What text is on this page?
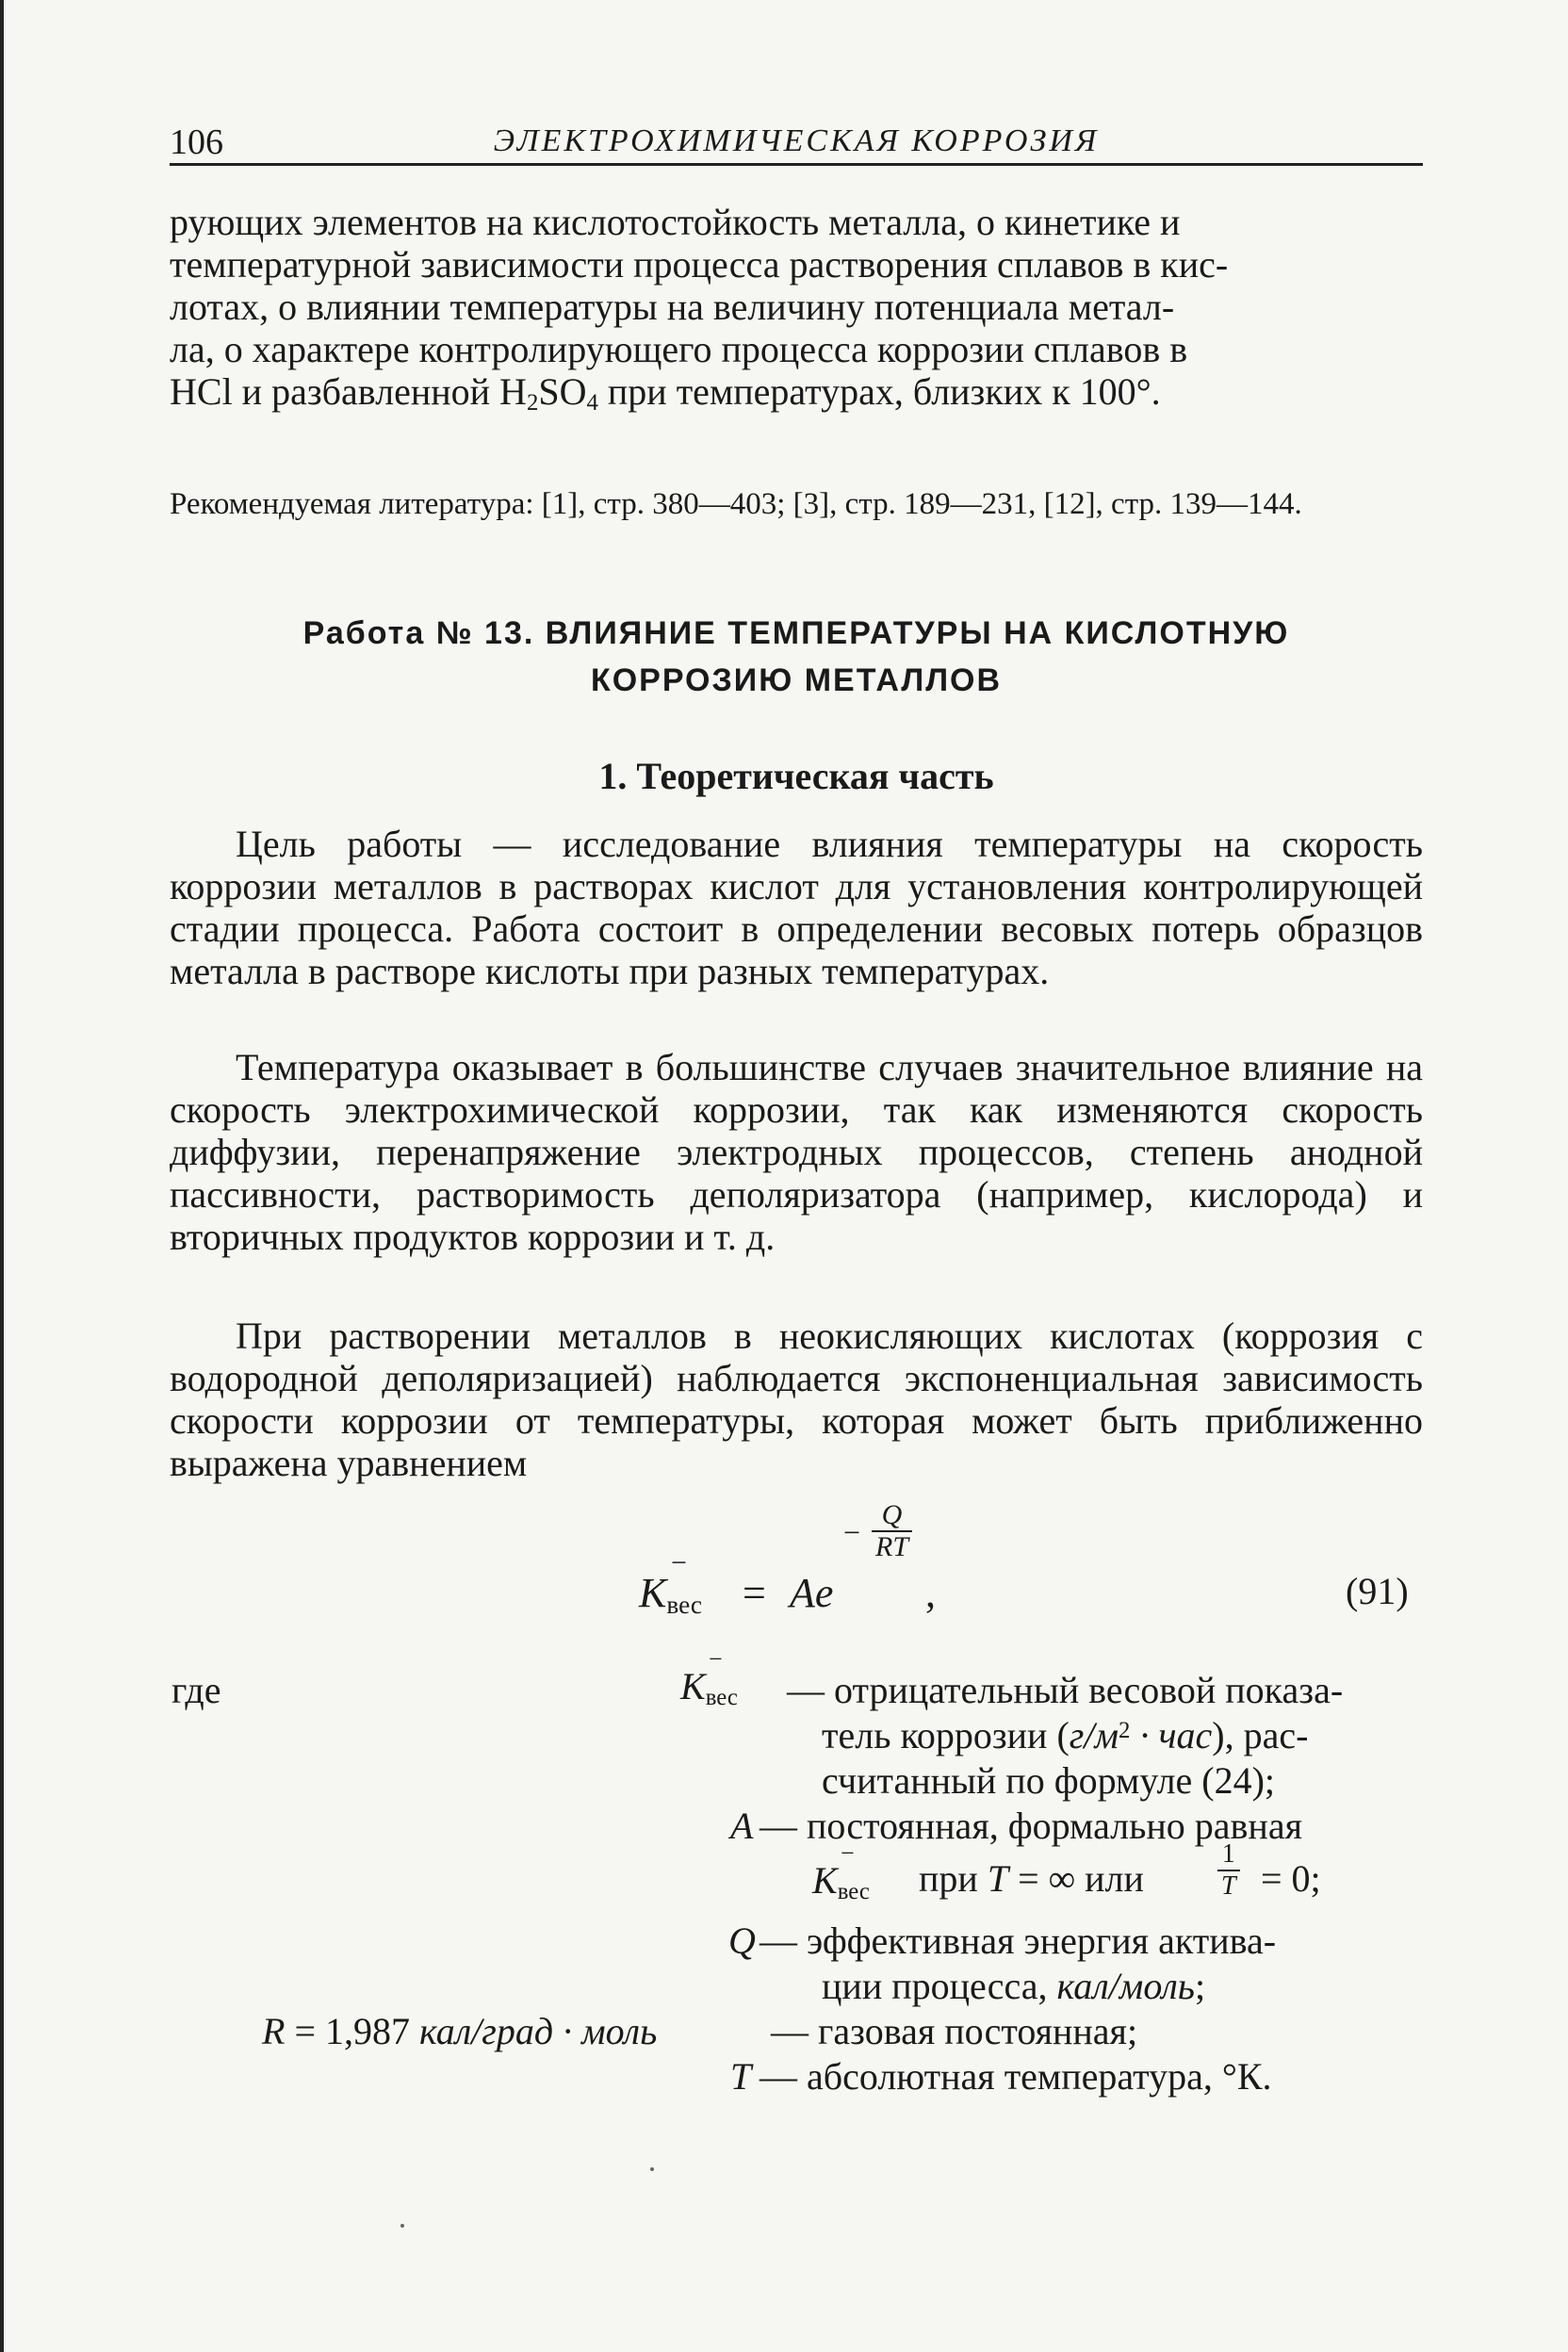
106	ЭЛЕКТРОХИМИЧЕСКАЯ КОРРОЗИЯ

рующих элементов на кислотостойкость металла, о кинетике и

температурной зависимости процесса растворения сплавов в кис-

лотах, о влиянии температуры на величину потенциала метал-

ла, о характере контролирующего процесса коррозии сплавов в

HCl и разбавленной $H_2SO_4$ при температурах, близких к 100°.

Рекомендуемая литература: [1], стр. 380—403; [3], стр. 189—231, [12], стр. 139—144.

Работа № 13. ВЛИЯНИЕ ТЕМПЕРАТУРЫ НА КИСЛОТНУЮ

КОРРОЗИЮ МЕТАЛЛОВ

1. Теоретическая часть

Цель работы — исследование влияния температуры на скорость коррозии металлов в растворах кислот для установления контролирующей стадии процесса. Работа состоит в определении весовых потерь образцов металла в растворе кислоты при разных температурах.

Температура оказывает в большинстве случаев значительное влияние на скорость электрохимической коррозии, так как изменяются скорость диффузии, перенапряжение электродных процессов, степень анодной пассивности, растворимость деполяризатора (например, кислорода) и вторичных продуктов коррозии и т. д.

При растворении металлов в неокисляющих кислотах (коррозия с водородной деполяризацией) наблюдается экспоненциальная зависимость скорости коррозии от температуры, которая может быть приближенно выражена уравнением

$K_{вес}$
−
= Ae
− $\frac{Q}{RT}$
,	(91)
где	$K_{вес}$
−
— отрицательный весовой показа-
тель коррозии $(г/м^2 \cdot час)$, рас-
считанный по формуле (24);
A — постоянная, формально равная
$K_{вес}$
−
при T = ∞ или	$\frac{1}{T} = 0$;
Q — эффективная энергия актива-
ции процесса, кал/моль;
R = 1,987 кал/град · моль	— газовая постоянная;
T — абсолютная температура, °К.
